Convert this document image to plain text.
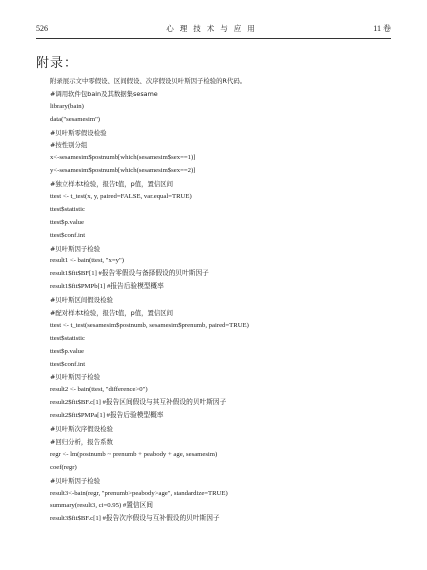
526	心理技术与应用	11 卷
附录：
附录展示文中零假设、区间假设、次序假设贝叶斯因子检验的R代码。
#调用软件包bain及其数据集sesame
library(bain)
data("sesamesim")
#贝叶斯零假设检验
#按性别分组
x<-sesamesim$postnumb[which(sesamesim$sex==1)]
y<-sesamesim$postnumb[which(sesamesim$sex==2)]
#独立样本t检验，报告t值，p值，置信区间
ttest <- t_test(x, y, paired=FALSE, var.equal=TRUE)
ttest$statistic
ttest$p.value
ttest$conf.int
#贝叶斯因子检验
result1 <- bain(ttest, "x=y")
result1$fit$BF[1] #报告零假设与备择假设的贝叶斯因子
result1$fit$PMPb[1] #报告后验模型概率
#贝叶斯区间假设检验
#配对样本t检验，报告t值，p值，置信区间
ttest <- t_test(sesamesim$postnumb, sesamesim$prenumb, paired=TRUE)
ttest$statistic
ttest$p.value
ttest$conf.int
#贝叶斯因子检验
result2 <- bain(ttest, "difference>0")
result2$fit$BF.c[1] #报告区间假设与其互补假设的贝叶斯因子
result2$fit$PMPa[1] #报告后验模型概率
#贝叶斯次序假设检验
#回归分析，报告系数
regr <- lm(postnumb ~ prenumb + peabody + age, sesamesim)
coef(regr)
#贝叶斯因子检验
result3<-bain(regr, "prenumb>peabody>age", standardize=TRUE)
summary(result3, ci=0.95) #置信区间
result3$fit$BF.c[1] #报告次序假设与互补假设的贝叶斯因子
